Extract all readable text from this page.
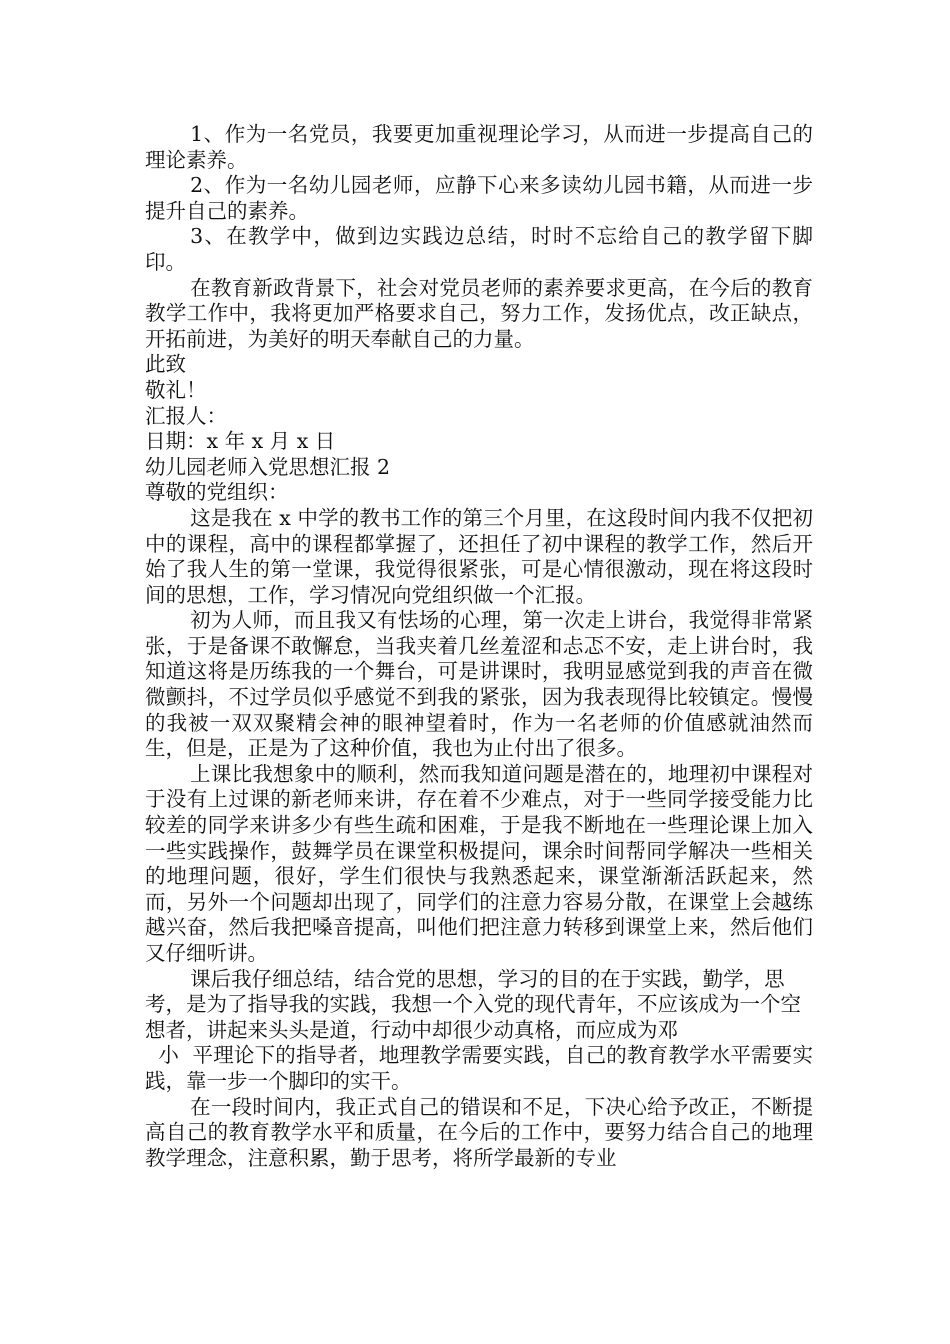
1、作为一名党员，我要更加重视理论学习，从而进一步提高自己的理论素养。

2、作为一名幼儿园老师，应静下心来多读幼儿园书籍，从而进一步提升自己的素养。

3、在教学中，做到边实践边总结，时时不忘给自己的教学留下脚印。

在教育新政背景下，社会对党员老师的素养要求更高，在今后的教育教学工作中，我将更加严格要求自己，努力工作，发扬优点，改正缺点，开拓前进，为美好的明天奉献自己的力量。

此致

敬礼！

汇报人：

日期：x 年 x 月 x 日

幼儿园老师入党思想汇报 2

尊敬的党组织：

这是我在 x 中学的教书工作的第三个月里，在这段时间内我不仅把初中的课程，高中的课程都掌握了，还担任了初中课程的教学工作，然后开始了我人生的第一堂课，我觉得很紧张，可是心情很激动，现在将这段时间的思想，工作，学习情况向党组织做一个汇报。

初为人师，而且我又有怯场的心理，第一次走上讲台，我觉得非常紧张，于是备课不敢懈怠，当我夹着几丝羞涩和忐忑不安，走上讲台时，我知道这将是历练我的一个舞台，可是讲课时，我明显感觉到我的声音在微微颤抖，不过学员似乎感觉不到我的紧张，因为我表现得比较镇定。慢慢的我被一双双聚精会神的眼神望着时，作为一名老师的价值感就油然而生，但是，正是为了这种价值，我也为止付出了很多。

上课比我想象中的顺利，然而我知道问题是潜在的，地理初中课程对于没有上过课的新老师来讲，存在着不少难点，对于一些同学接受能力比较差的同学来讲多少有些生疏和困难，于是我不断地在一些理论课上加入一些实践操作，鼓舞学员在课堂积极提问，课余时间帮同学解决一些相关的地理问题，很好，学生们很快与我熟悉起来，课堂渐渐活跃起来，然而，另外一个问题却出现了，同学们的注意力容易分散，在课堂上会越练越兴奋，然后我把嗓音提高，叫他们把注意力转移到课堂上来，然后他们又仔细听讲。

课后我仔细总结，结合党的思想，学习的目的在于实践，勤学，思考，是为了指导我的实践，我想一个入党的现代青年，不应该成为一个空想者，讲起来头头是道，行动中却很少动真格，而应成为邓

小  平理论下的指导者，地理教学需要实践，自己的教育教学水平需要实践，靠一步一个脚印的实干。

在一段时间内，我正式自己的错误和不足，下决心给予改正，不断提高自己的教育教学水平和质量，在今后的工作中，要努力结合自己的地理教学理念，注意积累，勤于思考，将所学最新的专业
